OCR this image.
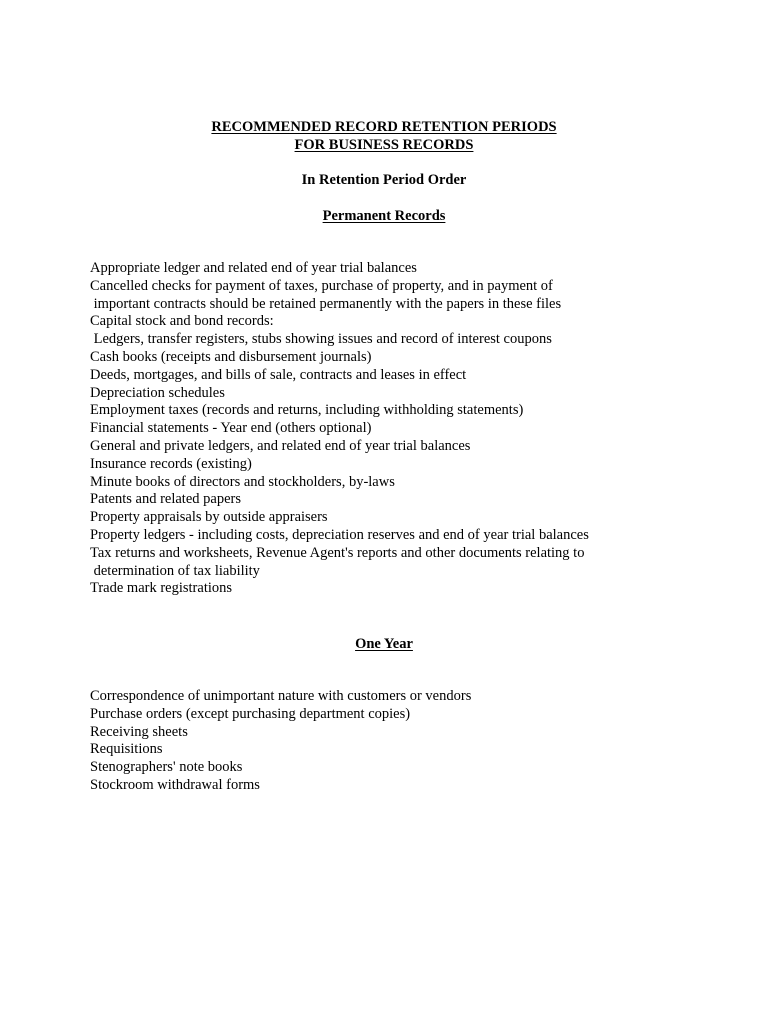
RECOMMENDED RECORD RETENTION PERIODS
FOR BUSINESS RECORDS
In Retention Period Order
Permanent Records
Appropriate ledger and related end of year trial balances
Cancelled checks for payment of taxes, purchase of property, and in payment of
important contracts should be retained permanently with the papers in these files
Capital stock and bond records:
Ledgers, transfer registers, stubs showing issues and record of interest coupons
Cash books (receipts and disbursement journals)
Deeds, mortgages, and bills of sale, contracts and leases in effect
Depreciation schedules
Employment taxes (records and returns, including withholding statements)
Financial statements - Year end (others optional)
General and private ledgers, and related end of year trial balances
Insurance records (existing)
Minute books of directors and stockholders, by-laws
Patents and related papers
Property appraisals by outside appraisers
Property ledgers - including costs, depreciation reserves and end of year trial balances
Tax returns and worksheets, Revenue Agent's reports and other documents relating to
determination of tax liability
Trade mark registrations
One Year
Correspondence of unimportant nature with customers or vendors
Purchase orders (except purchasing department copies)
Receiving sheets
Requisitions
Stenographers' note books
Stockroom withdrawal forms
